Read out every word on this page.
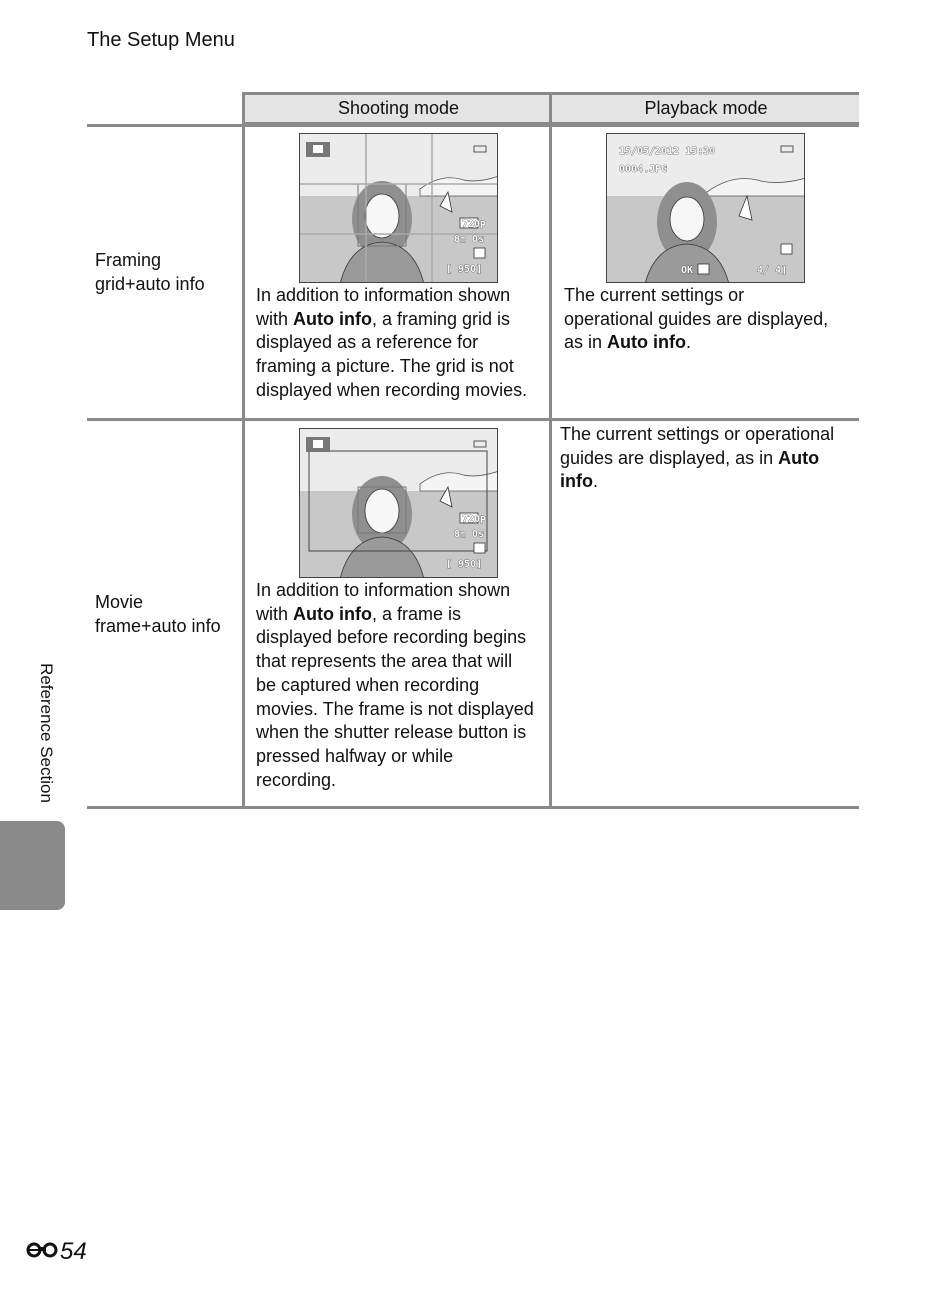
The Setup Menu
Shooting mode	Playback mode
Framing
grid+auto info
720 P
8m 0s
[ 950]
In addition to information shown
with Auto info, a framing grid is
displayed as a reference for
framing a picture. The grid is not
displayed when recording movies.
15/05/2012 15:30
0004.JPG
OK	4/ 4]
The current settings or
operational guides are displayed,
as in Auto info.
Movie
frame+auto info
720 P
8m 0s
[ 950]
In addition to information shown
with Auto info, a frame is
displayed before recording begins
that represents the area that will
be captured when recording
movies. The frame is not displayed
when the shutter release button is
pressed halfway or while
recording.
The current settings or operational
guides are displayed, as in Auto
info.
Reference Section
54
